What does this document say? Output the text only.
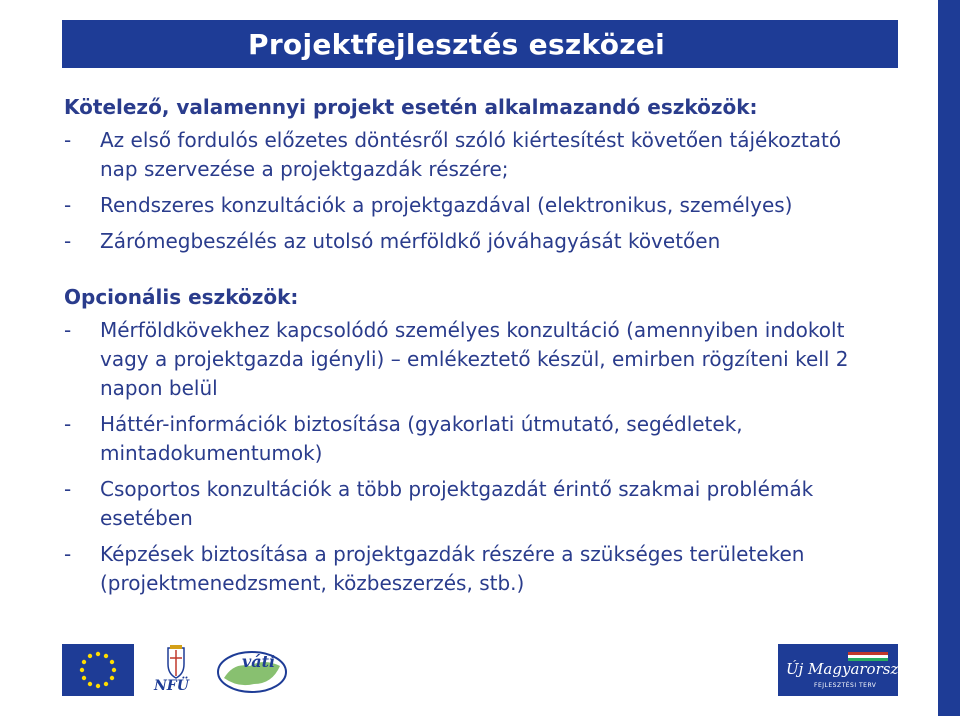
Projektfejlesztés eszközei

Kötelező, valamennyi projekt esetén alkalmazandó eszközök:

- Az első fordulós előzetes döntésről szóló kiértesítést követően tájékoztató nap szervezése a projektgazdák részére;
- Rendszeres konzultációk a projektgazdával (elektronikus, személyes)
- Zárómegbeszélés az utolsó mérföldkő jóváhagyását követően

Opcionális eszközök:

- Mérföldkövekhez kapcsolódó személyes konzultáció (amennyiben indokolt vagy a projektgazda igényli) – emlékeztető készül, emirben rögzíteni kell 2 napon belül
- Háttér-információk biztosítása (gyakorlati útmutató, segédletek, mintadokumentumok)
- Csoportos konzultációk a több projektgazdát érintő szakmai problémák esetében
- Képzések biztosítása a projektgazdák részére a szükséges területeken (projektmenedzsment, közbeszerzés, stb.)
NFÜ
váti	Új Magyarország
FEJLESZTÉSI TERV
